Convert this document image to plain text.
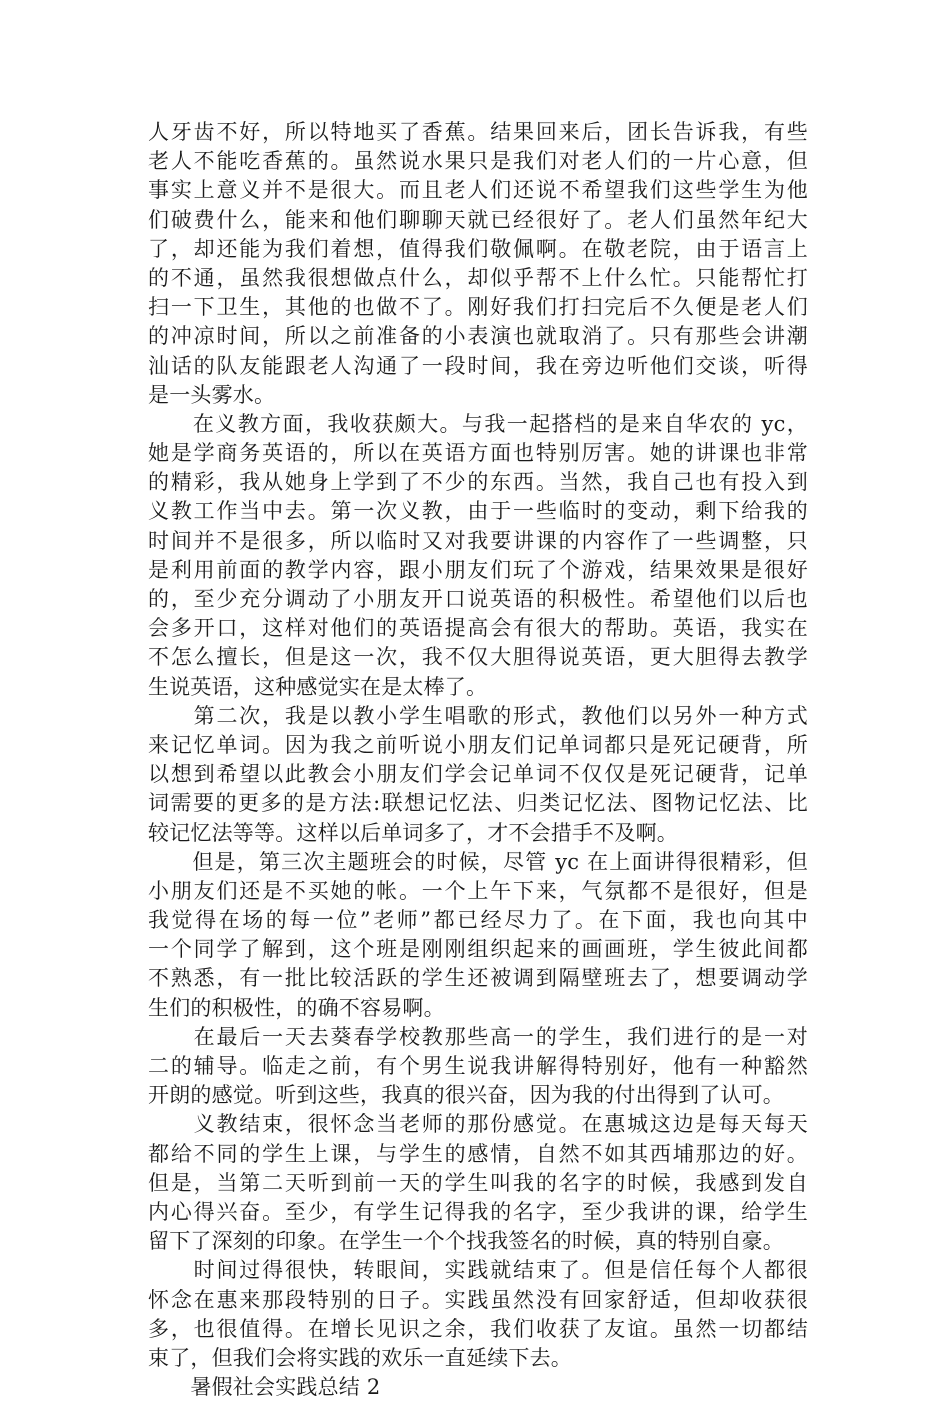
人牙齿不好，所以特地买了香蕉。结果回来后，团长告诉我，有些
老人不能吃香蕉的。虽然说水果只是我们对老人们的一片心意，但
事实上意义并不是很大。而且老人们还说不希望我们这些学生为他
们破费什么，能来和他们聊聊天就已经很好了。老人们虽然年纪大
了，却还能为我们着想，值得我们敬佩啊。在敬老院，由于语言上
的不通，虽然我很想做点什么，却似乎帮不上什么忙。只能帮忙打
扫一下卫生，其他的也做不了。刚好我们打扫完后不久便是老人们
的冲凉时间，所以之前准备的小表演也就取消了。只有那些会讲潮
汕话的队友能跟老人沟通了一段时间，我在旁边听他们交谈，听得
是一头雾水。
　　在义教方面，我收获颇大。与我一起搭档的是来自华农的 yc，
她是学商务英语的，所以在英语方面也特别厉害。她的讲课也非常
的精彩，我从她身上学到了不少的东西。当然，我自己也有投入到
义教工作当中去。第一次义教，由于一些临时的变动，剩下给我的
时间并不是很多，所以临时又对我要讲课的内容作了一些调整，只
是利用前面的教学内容，跟小朋友们玩了个游戏，结果效果是很好
的，至少充分调动了小朋友开口说英语的积极性。希望他们以后也
会多开口，这样对他们的英语提高会有很大的帮助。英语，我实在
不怎么擅长，但是这一次，我不仅大胆得说英语，更大胆得去教学
生说英语，这种感觉实在是太棒了。
　　第二次，我是以教小学生唱歌的形式，教他们以另外一种方式
来记忆单词。因为我之前听说小朋友们记单词都只是死记硬背，所
以想到希望以此教会小朋友们学会记单词不仅仅是死记硬背，记单
词需要的更多的是方法:联想记忆法、归类记忆法、图物记忆法、比
较记忆法等等。这样以后单词多了，才不会措手不及啊。
　　但是，第三次主题班会的时候，尽管 yc 在上面讲得很精彩，但
小朋友们还是不买她的帐。一个上午下来，气氛都不是很好，但是
我觉得在场的每一位”老师”都已经尽力了。在下面，我也向其中
一个同学了解到，这个班是刚刚组织起来的画画班，学生彼此间都
不熟悉，有一批比较活跃的学生还被调到隔壁班去了，想要调动学
生们的积极性，的确不容易啊。
　　在最后一天去葵春学校教那些高一的学生，我们进行的是一对
二的辅导。临走之前，有个男生说我讲解得特别好，他有一种豁然
开朗的感觉。听到这些，我真的很兴奋，因为我的付出得到了认可。
　　义教结束，很怀念当老师的那份感觉。在惠城这边是每天每天
都给不同的学生上课，与学生的感情，自然不如其西埔那边的好。
但是，当第二天听到前一天的学生叫我的名字的时候，我感到发自
内心得兴奋。至少，有学生记得我的名字，至少我讲的课，给学生
留下了深刻的印象。在学生一个个找我签名的时候，真的特别自豪。
　　时间过得很快，转眼间，实践就结束了。但是信任每个人都很
怀念在惠来那段特别的日子。实践虽然没有回家舒适，但却收获很
多，也很值得。在增长见识之余，我们收获了友谊。虽然一切都结
束了，但我们会将实践的欢乐一直延续下去。
　　暑假社会实践总结 2
